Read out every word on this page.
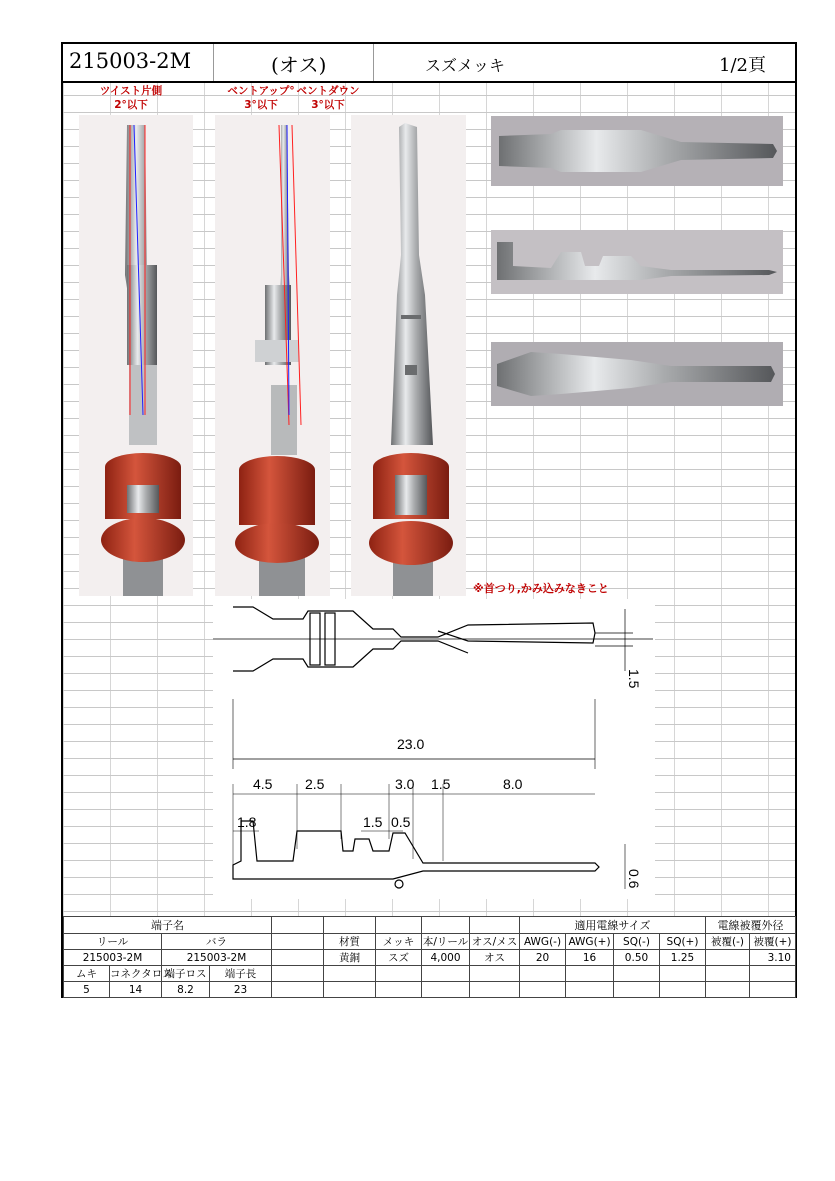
215003-2M	(オス)	スズメッキ	1/2頁
ツイスト片側
2°以下
ベントアップ°
3°以下
ベントダウン
3°以下
※首つり,かみ込みなきこと
23.0
4.5 2.5	3.0 1.5	8.0
1.8	1.5 0.5
1.5
0.6
端子名									適用電線サイズ				電線被覆外径	
リール		バラ			材質	メッキ	本/リール	オス/メス	AWG(-)	AWG(+)	SQ(-)	SQ(+)	被覆(-)	被覆(+)
215003-2M		215003-2M			黄銅	スズ	4,000	オス	20	16	0.50	1.25		3.10
ムキ	コネクタロス	端子ロス	端子長											
5	14	8.2	23											
